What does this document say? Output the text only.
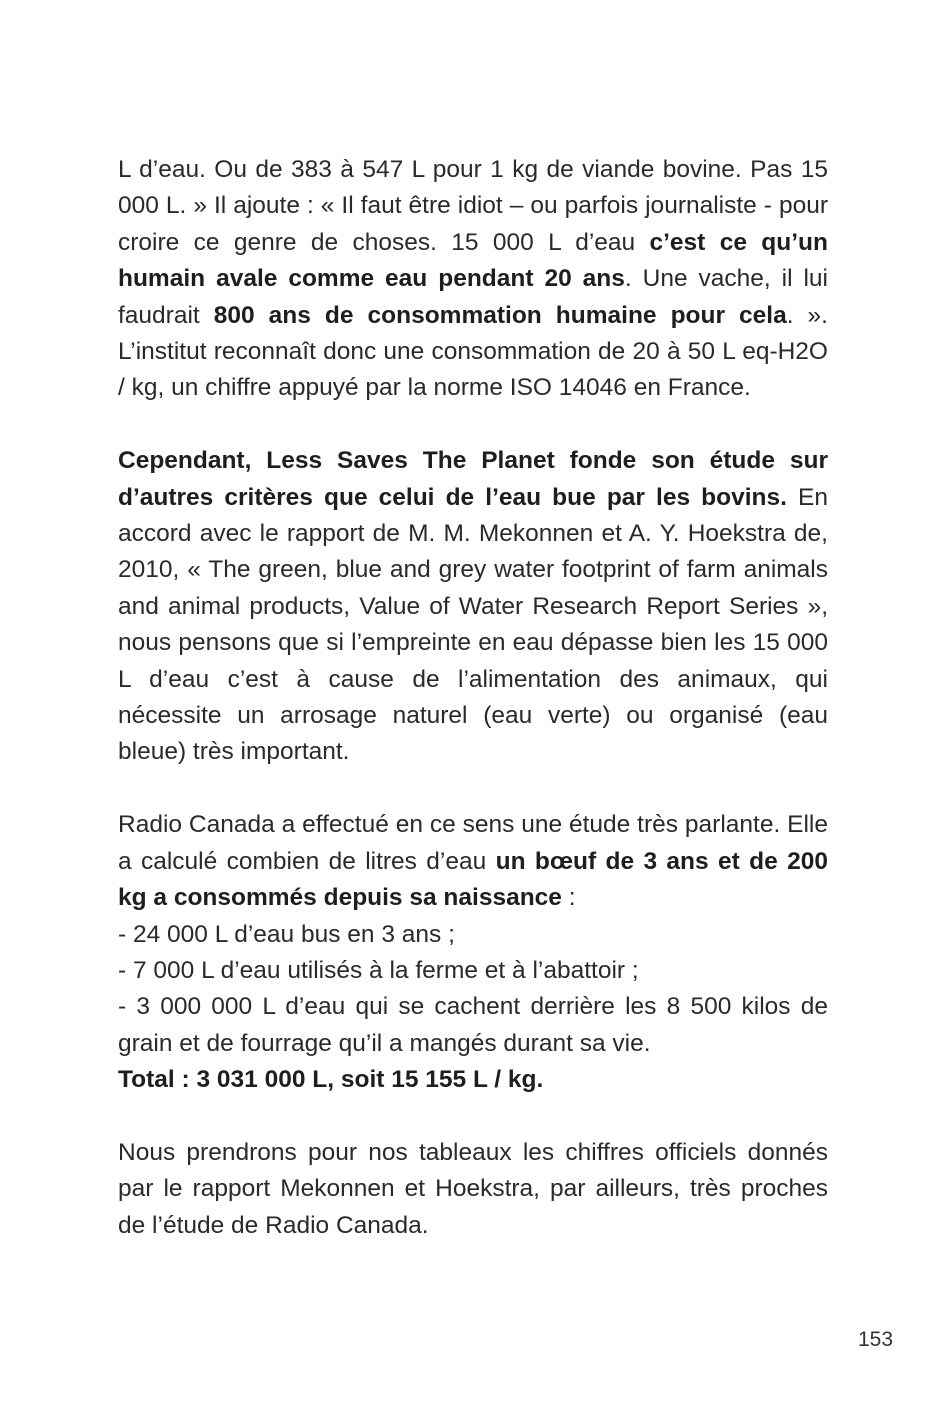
L d’eau. Ou de 383 à 547 L pour 1 kg de viande bovine. Pas 15 000 L. » Il ajoute : « Il faut être idiot – ou parfois journaliste - pour croire ce genre de choses. 15 000 L d’eau c’est ce qu’un humain avale comme eau pendant 20 ans. Une vache, il lui faudrait 800 ans de consommation humaine pour cela. ». L’institut reconnaît donc une consommation de 20 à 50 L eq-H2O / kg, un chiffre appuyé par la norme ISO 14046 en France.

Cependant, Less Saves The Planet fonde son étude sur d’autres critères que celui de l’eau bue par les bovins. En accord avec le rapport de M. M. Mekonnen et A. Y. Hoekstra de, 2010, « The green, blue and grey water footprint of farm animals and animal products, Value of Water Research Report Series », nous pensons que si l’empreinte en eau dépasse bien les 15 000 L d’eau c’est à cause de l’alimentation des animaux, qui nécessite un arrosage naturel (eau verte) ou organisé (eau bleue) très important.

Radio Canada a effectué en ce sens une étude très parlante. Elle a calculé combien de litres d’eau un bœuf de 3 ans et de 200 kg a consommés depuis sa naissance :
- 24 000 L d’eau bus en 3 ans ;
- 7 000 L d’eau utilisés à la ferme et à l’abattoir ;
- 3 000 000 L d’eau qui se cachent derrière les 8 500 kilos de grain et de fourrage qu’il a mangés durant sa vie.
Total : 3 031 000 L, soit 15 155 L / kg.

Nous prendrons pour nos tableaux les chiffres officiels donnés par le rapport Mekonnen et Hoekstra, par ailleurs, très proches de l’étude de Radio Canada.

153
